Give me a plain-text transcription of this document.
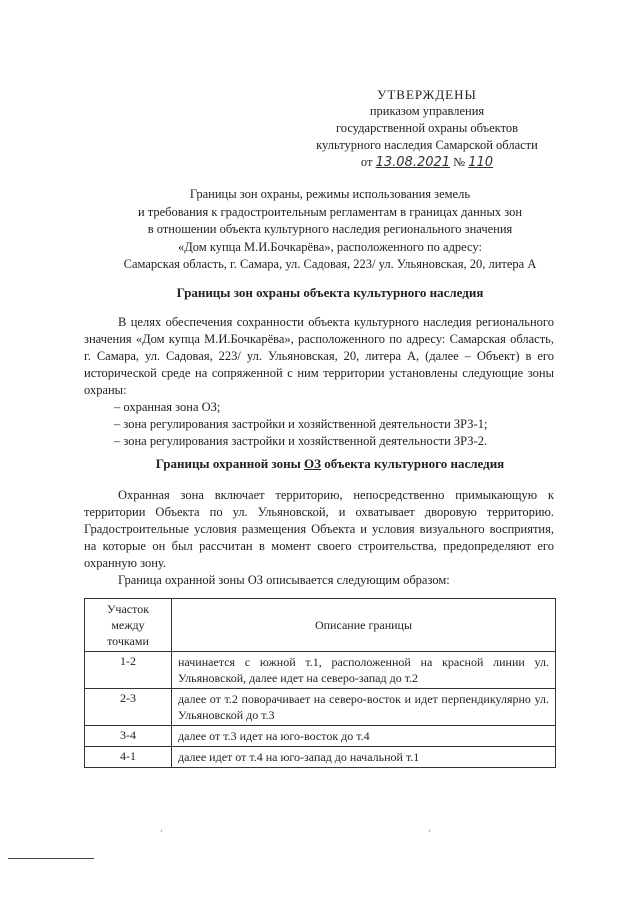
УТВЕРЖДЕНЫ
приказом управления
государственной охраны объектов
культурного наследия Самарской области
от 13.08.2021 № 110
Границы зон охраны, режимы использования земель
и требования к градостроительным регламентам в границах данных зон
в отношении объекта культурного наследия регионального значения
«Дом купца М.И.Бочкарёва», расположенного по адресу:
Самарская область, г. Самара, ул. Садовая, 223/ ул. Ульяновская, 20, литера А
Границы зон охраны объекта культурного наследия
В целях обеспечения сохранности объекта культурного наследия регионального значения «Дом купца М.И.Бочкарёва», расположенного по адресу: Самарская область, г. Самара, ул. Садовая, 223/ ул. Ульяновская, 20, литера А, (далее – Объект) в его исторической среде на сопряженной с ним территории установлены следующие зоны охраны:
– охранная зона ОЗ;
– зона регулирования застройки и хозяйственной деятельности ЗРЗ-1;
– зона регулирования застройки и хозяйственной деятельности ЗРЗ-2.
Границы охранной зоны ОЗ объекта культурного наследия
Охранная зона включает территорию, непосредственно примыкающую к территории Объекта по ул. Ульяновской, и охватывает дворовую территорию. Градостроительные условия размещения Объекта и условия визуального восприятия, на которые он был рассчитан в момент своего строительства, предопределяют его охранную зону.
Граница охранной зоны ОЗ описывается следующим образом:
Участок между точками	Описание границы
1-2	начинается с южной т.1, расположенной на красной линии ул. Ульяновской, далее идет на северо-запад до т.2
2-3	далее от т.2 поворачивает на северо-восток и идет перпендикулярно ул. Ульяновской до т.3
3-4	далее от т.3 идет на юго-восток до т.4
4-1	далее идет от т.4 на юго-запад до начальной т.1
‚	‚
